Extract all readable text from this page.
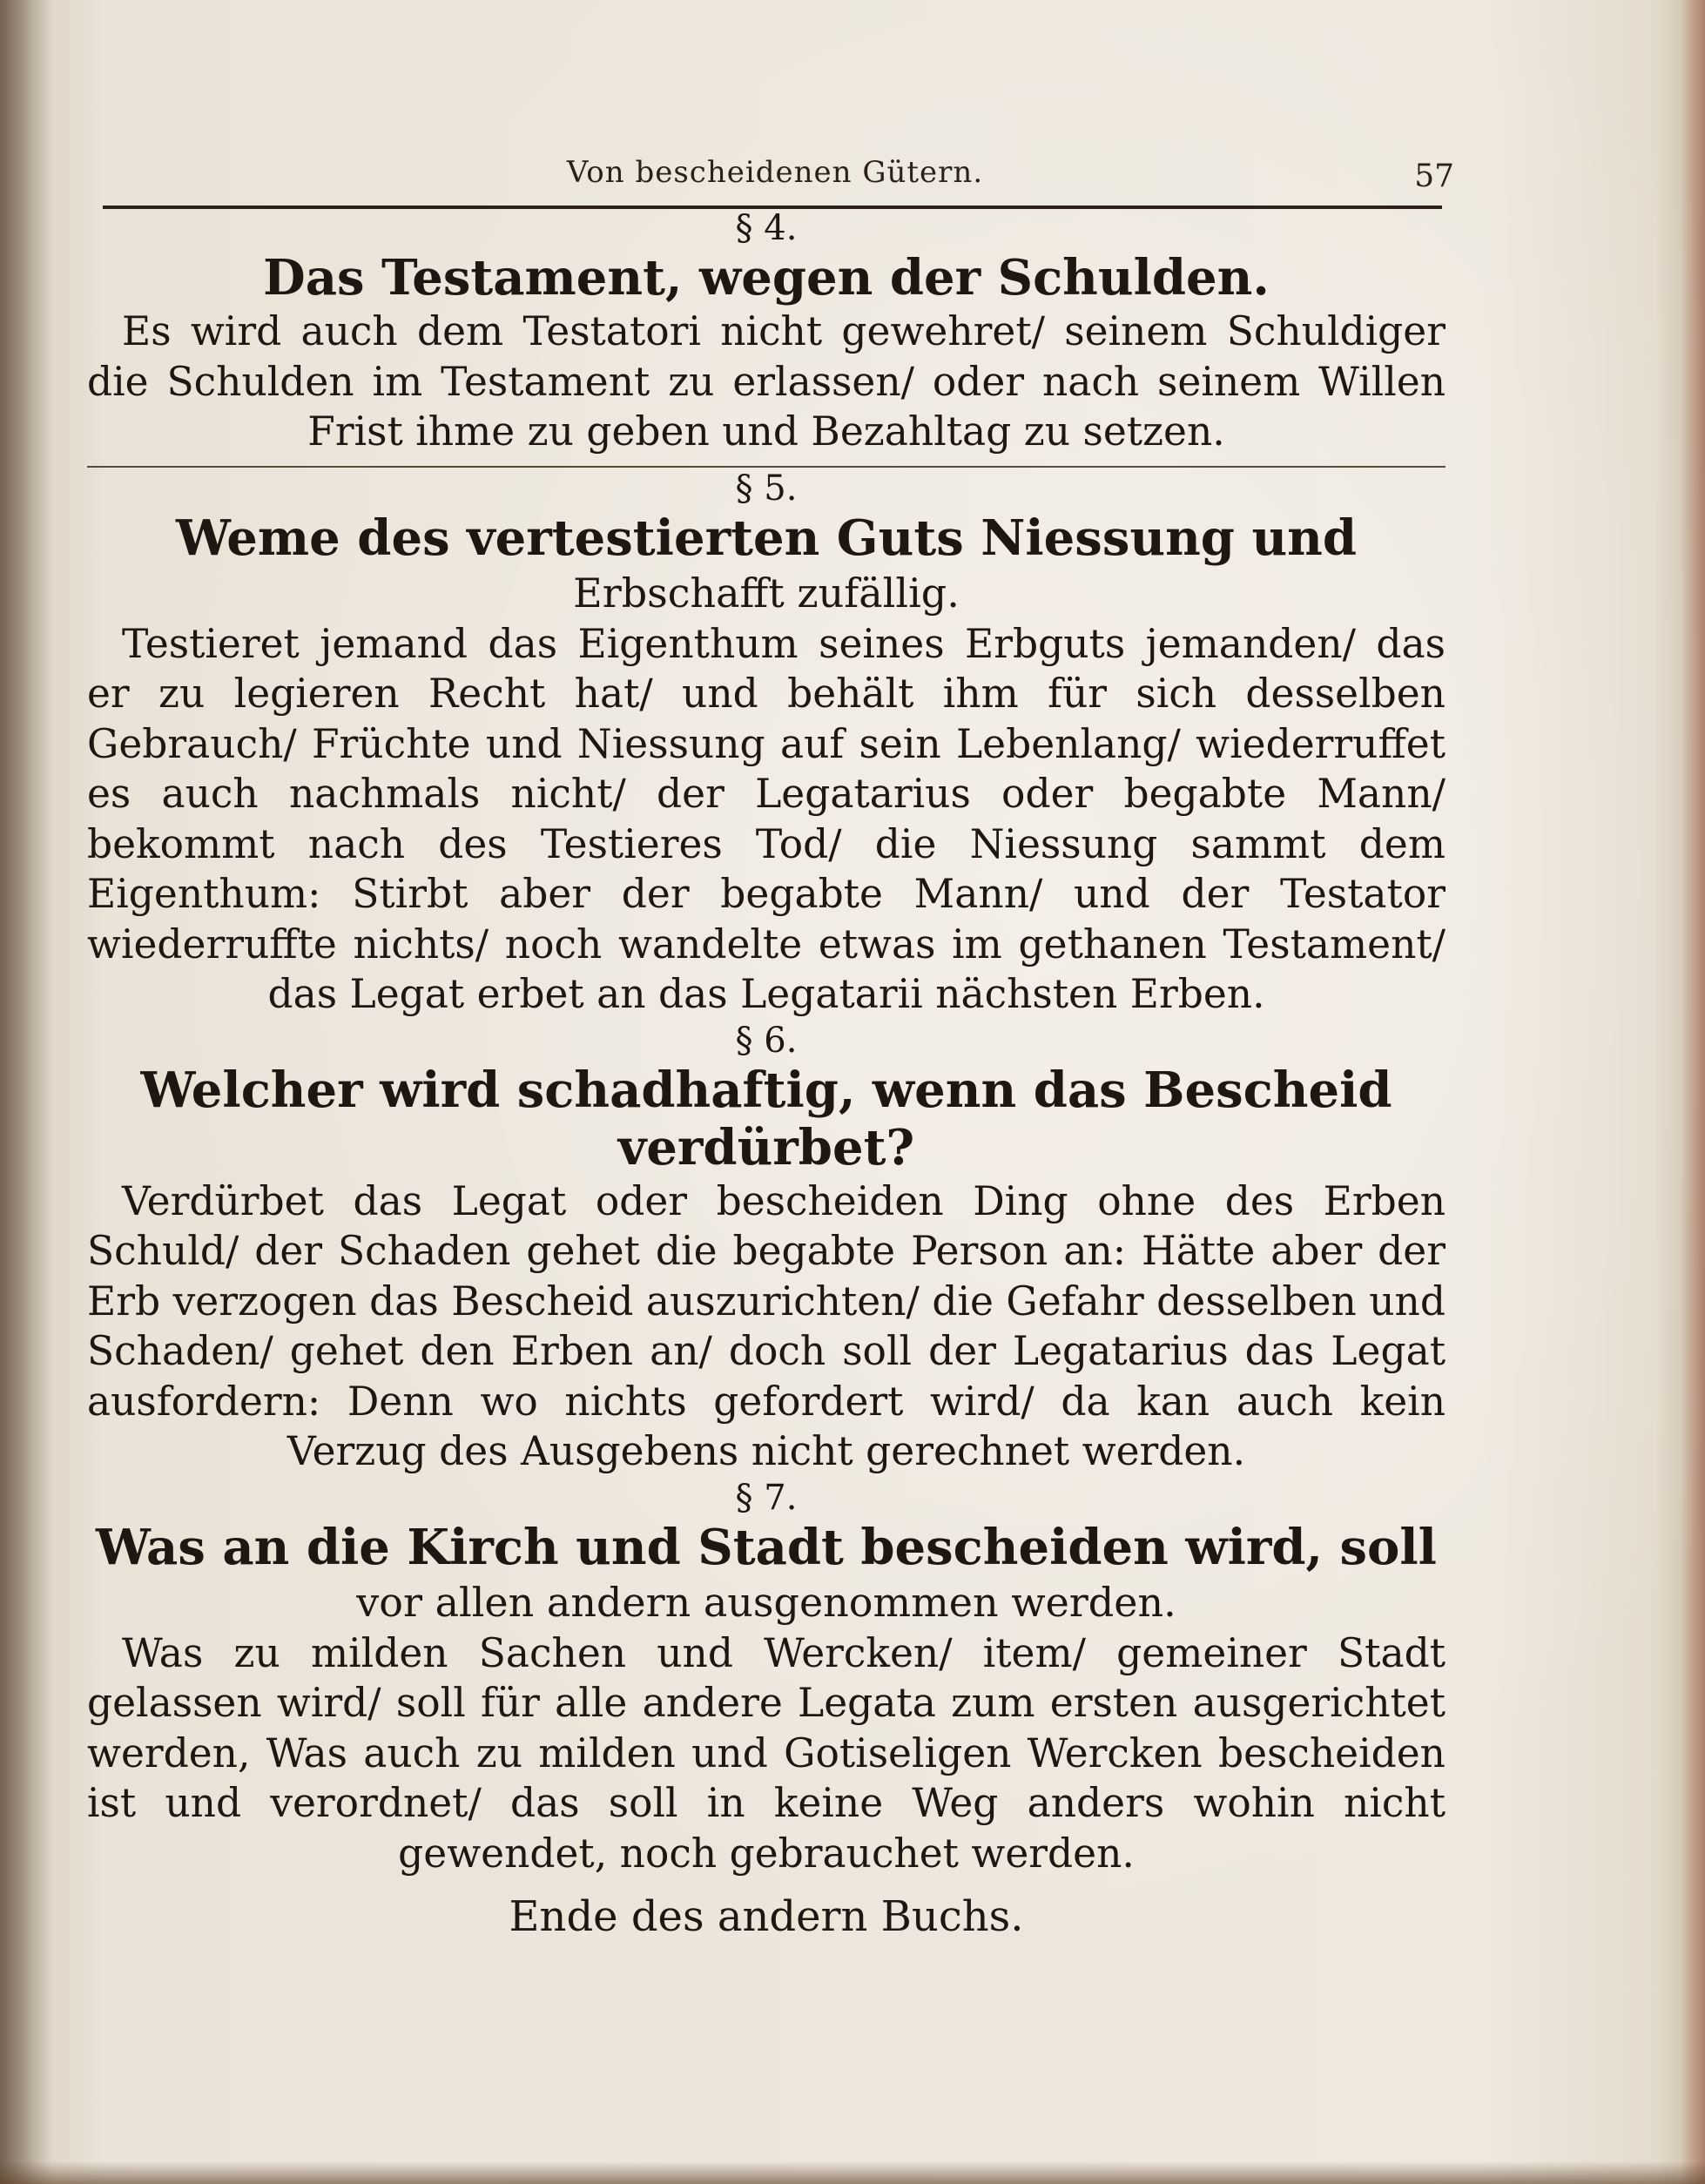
Von bescheidenen Gütern.	57

§ 4.

Das Testament, wegen der Schulden.

Es wird auch dem Testatori nicht gewehret/ seinem Schuldiger die Schulden im Testament zu erlassen/ oder nach seinem Willen Frist ihme zu geben und Bezahltag zu setzen.

§ 5.

Weme des vertestierten Guts Niessung und

Erbschafft zufällig.

Testieret jemand das Eigenthum seines Erbguts jemanden/ das er zu legieren Recht hat/ und behält ihm für sich desselben Gebrauch/ Früchte und Niessung auf sein Lebenlang/ wiederruffet es auch nachmals nicht/ der Legatarius oder begabte Mann/ bekommt nach des Testieres Tod/ die Niessung sammt dem Eigenthum: Stirbt aber der begabte Mann/ und der Testator wiederruffte nichts/ noch wandelte etwas im gethanen Testament/ das Legat erbet an das Legatarii nächsten Erben.

§ 6.

Welcher wird schadhaftig, wenn das Bescheid verdürbet?

Verdürbet das Legat oder bescheiden Ding ohne des Erben Schuld/ der Schaden gehet die begabte Person an: Hätte aber der Erb verzogen das Bescheid auszurichten/ die Gefahr desselben und Schaden/ gehet den Erben an/ doch soll der Legatarius das Legat ausfordern: Denn wo nichts gefordert wird/ da kan auch kein Verzug des Ausgebens nicht gerechnet werden.

§ 7.

Was an die Kirch und Stadt bescheiden wird, soll

vor allen andern ausgenommen werden.

Was zu milden Sachen und Wercken/ item/ gemeiner Stadt gelassen wird/ soll für alle andere Legata zum ersten ausgerichtet werden, Was auch zu milden und Gotiseligen Wercken bescheiden ist und verordnet/ das soll in keine Weg anders wohin nicht gewendet, noch gebrauchet werden.

Ende des andern Buchs.
